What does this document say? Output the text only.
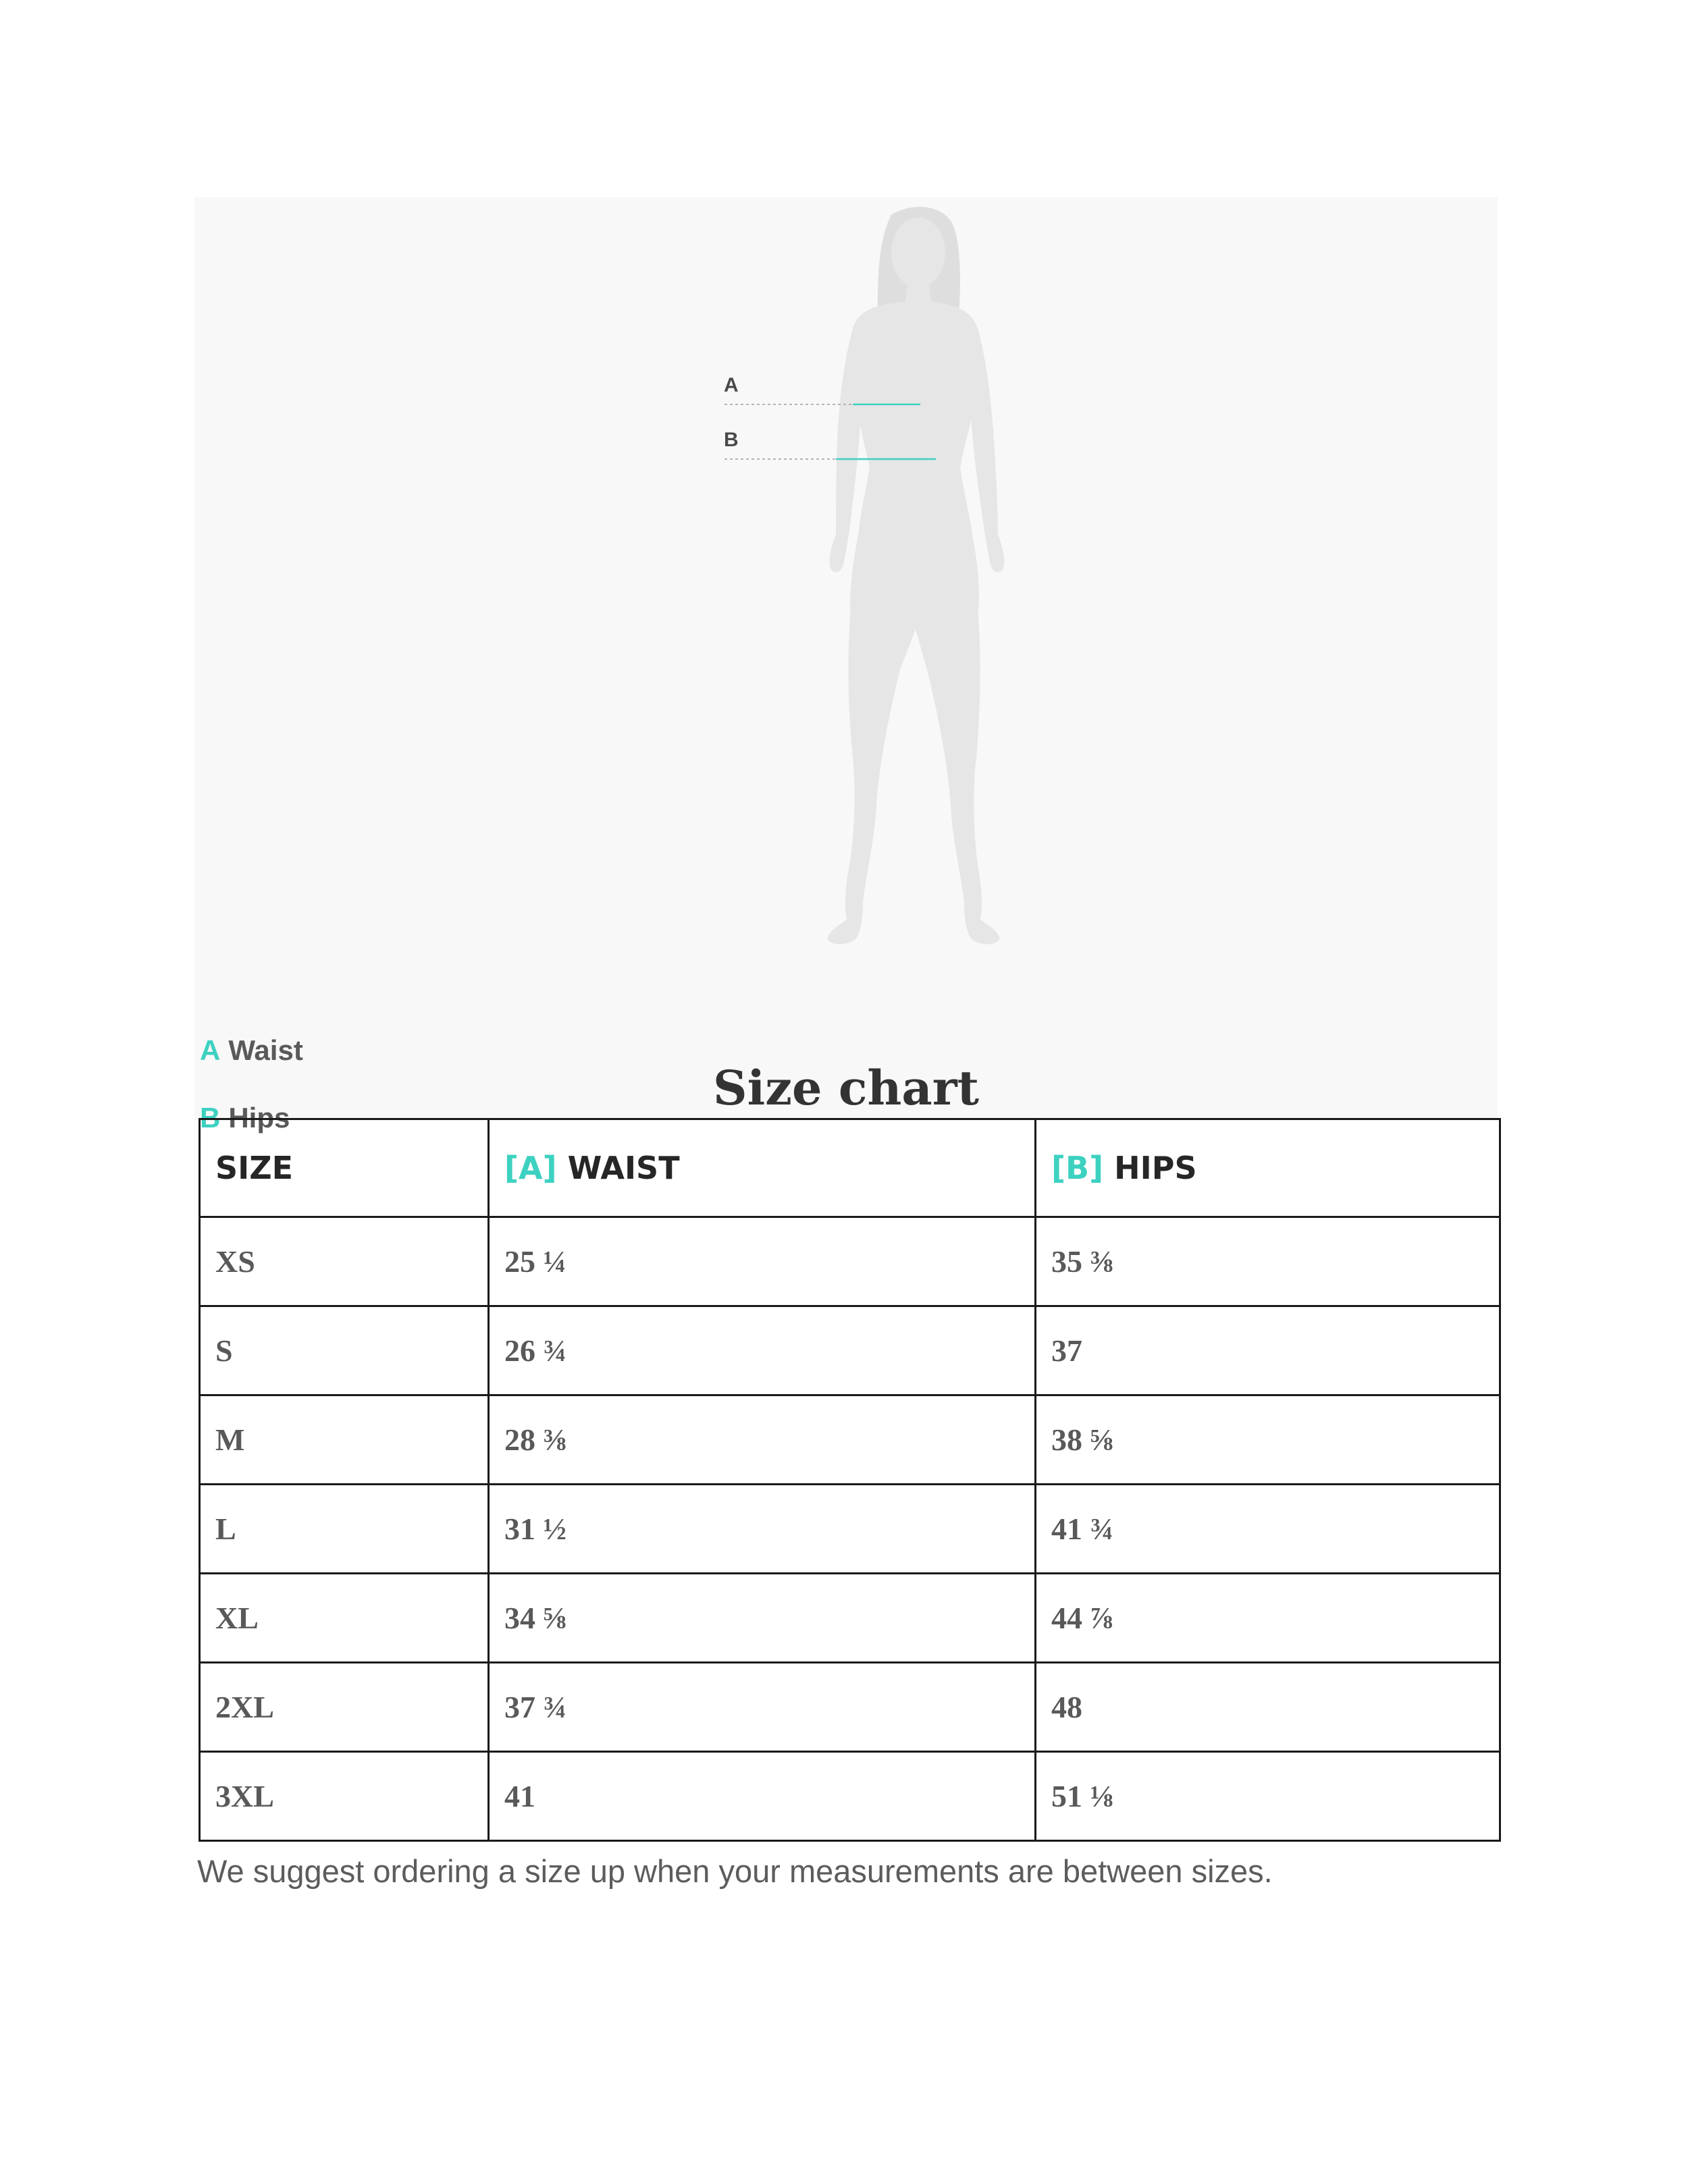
A
B
A Waist
B Hips
Size chart
SIZE	[A] WAIST	[B] HIPS
XS	25 ¼	35 ⅜
S	26 ¾	37
M	28 ⅜	38 ⅝
L	31 ½	41 ¾
XL	34 ⅝	44 ⅞
2XL	37 ¾	48
3XL	41	51 ⅛
We suggest ordering a size up when your measurements are between sizes.
